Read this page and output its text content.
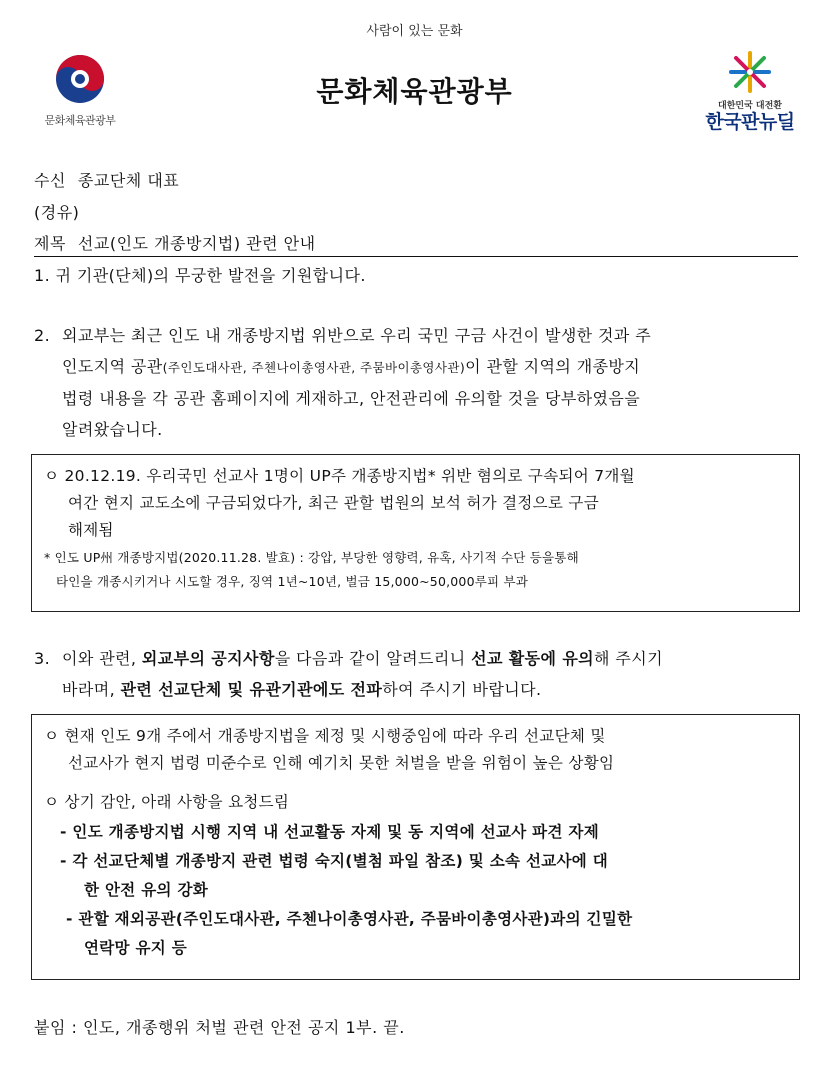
사람이 있는 문화
문화체육관광부
문화체육관광부	대한민국 대전환
한국판뉴딜
수신 종교단체 대표
(경유)
제목 선교(인도 개종방지법) 관련 안내
1. 귀 기관(단체)의 무궁한 발전을 기원합니다.
2. 외교부는 최근 인도 내 개종방지법 위반으로 우리 국민 구금 사건이 발생한 것과 주
인도지역 공관(주인도대사관, 주첸나이총영사관, 주뭄바이총영사관)이 관할 지역의 개종방지
법령 내용을 각 공관 홈페이지에 게재하고, 안전관리에 유의할 것을 당부하였음을
알려왔습니다.
ㅇ 20.12.19. 우리국민 선교사 1명이 UP주 개종방지법* 위반 혐의로 구속되어 7개월
여간 현지 교도소에 구금되었다가, 최근 관할 법원의 보석 허가 결정으로 구금
해제됨
* 인도 UP州 개종방지법(2020.11.28. 발효) : 강압, 부당한 영향력, 유혹, 사기적 수단 등을통해
타인을 개종시키거나 시도할 경우, 징역 1년~10년, 벌금 15,000~50,000루피 부과
3. 이와 관련, 외교부의 공지사항을 다음과 같이 알려드리니 선교 활동에 유의해 주시기
바라며, 관련 선교단체 및 유관기관에도 전파하여 주시기 바랍니다.
ㅇ 현재 인도 9개 주에서 개종방지법을 제정 및 시행중임에 따라 우리 선교단체 및
선교사가 현지 법령 미준수로 인해 예기치 못한 처벌을 받을 위험이 높은 상황임
ㅇ 상기 감안, 아래 사항을 요청드림
- 인도 개종방지법 시행 지역 내 선교활동 자제 및 동 지역에 선교사 파견 자제
- 각 선교단체별 개종방지 관련 법령 숙지(별첨 파일 참조) 및 소속 선교사에 대
한 안전 유의 강화
- 관할 재외공관(주인도대사관, 주첸나이총영사관, 주뭄바이총영사관)과의 긴밀한
연락망 유지 등
붙임 : 인도, 개종행위 처벌 관련 안전 공지 1부. 끝.
